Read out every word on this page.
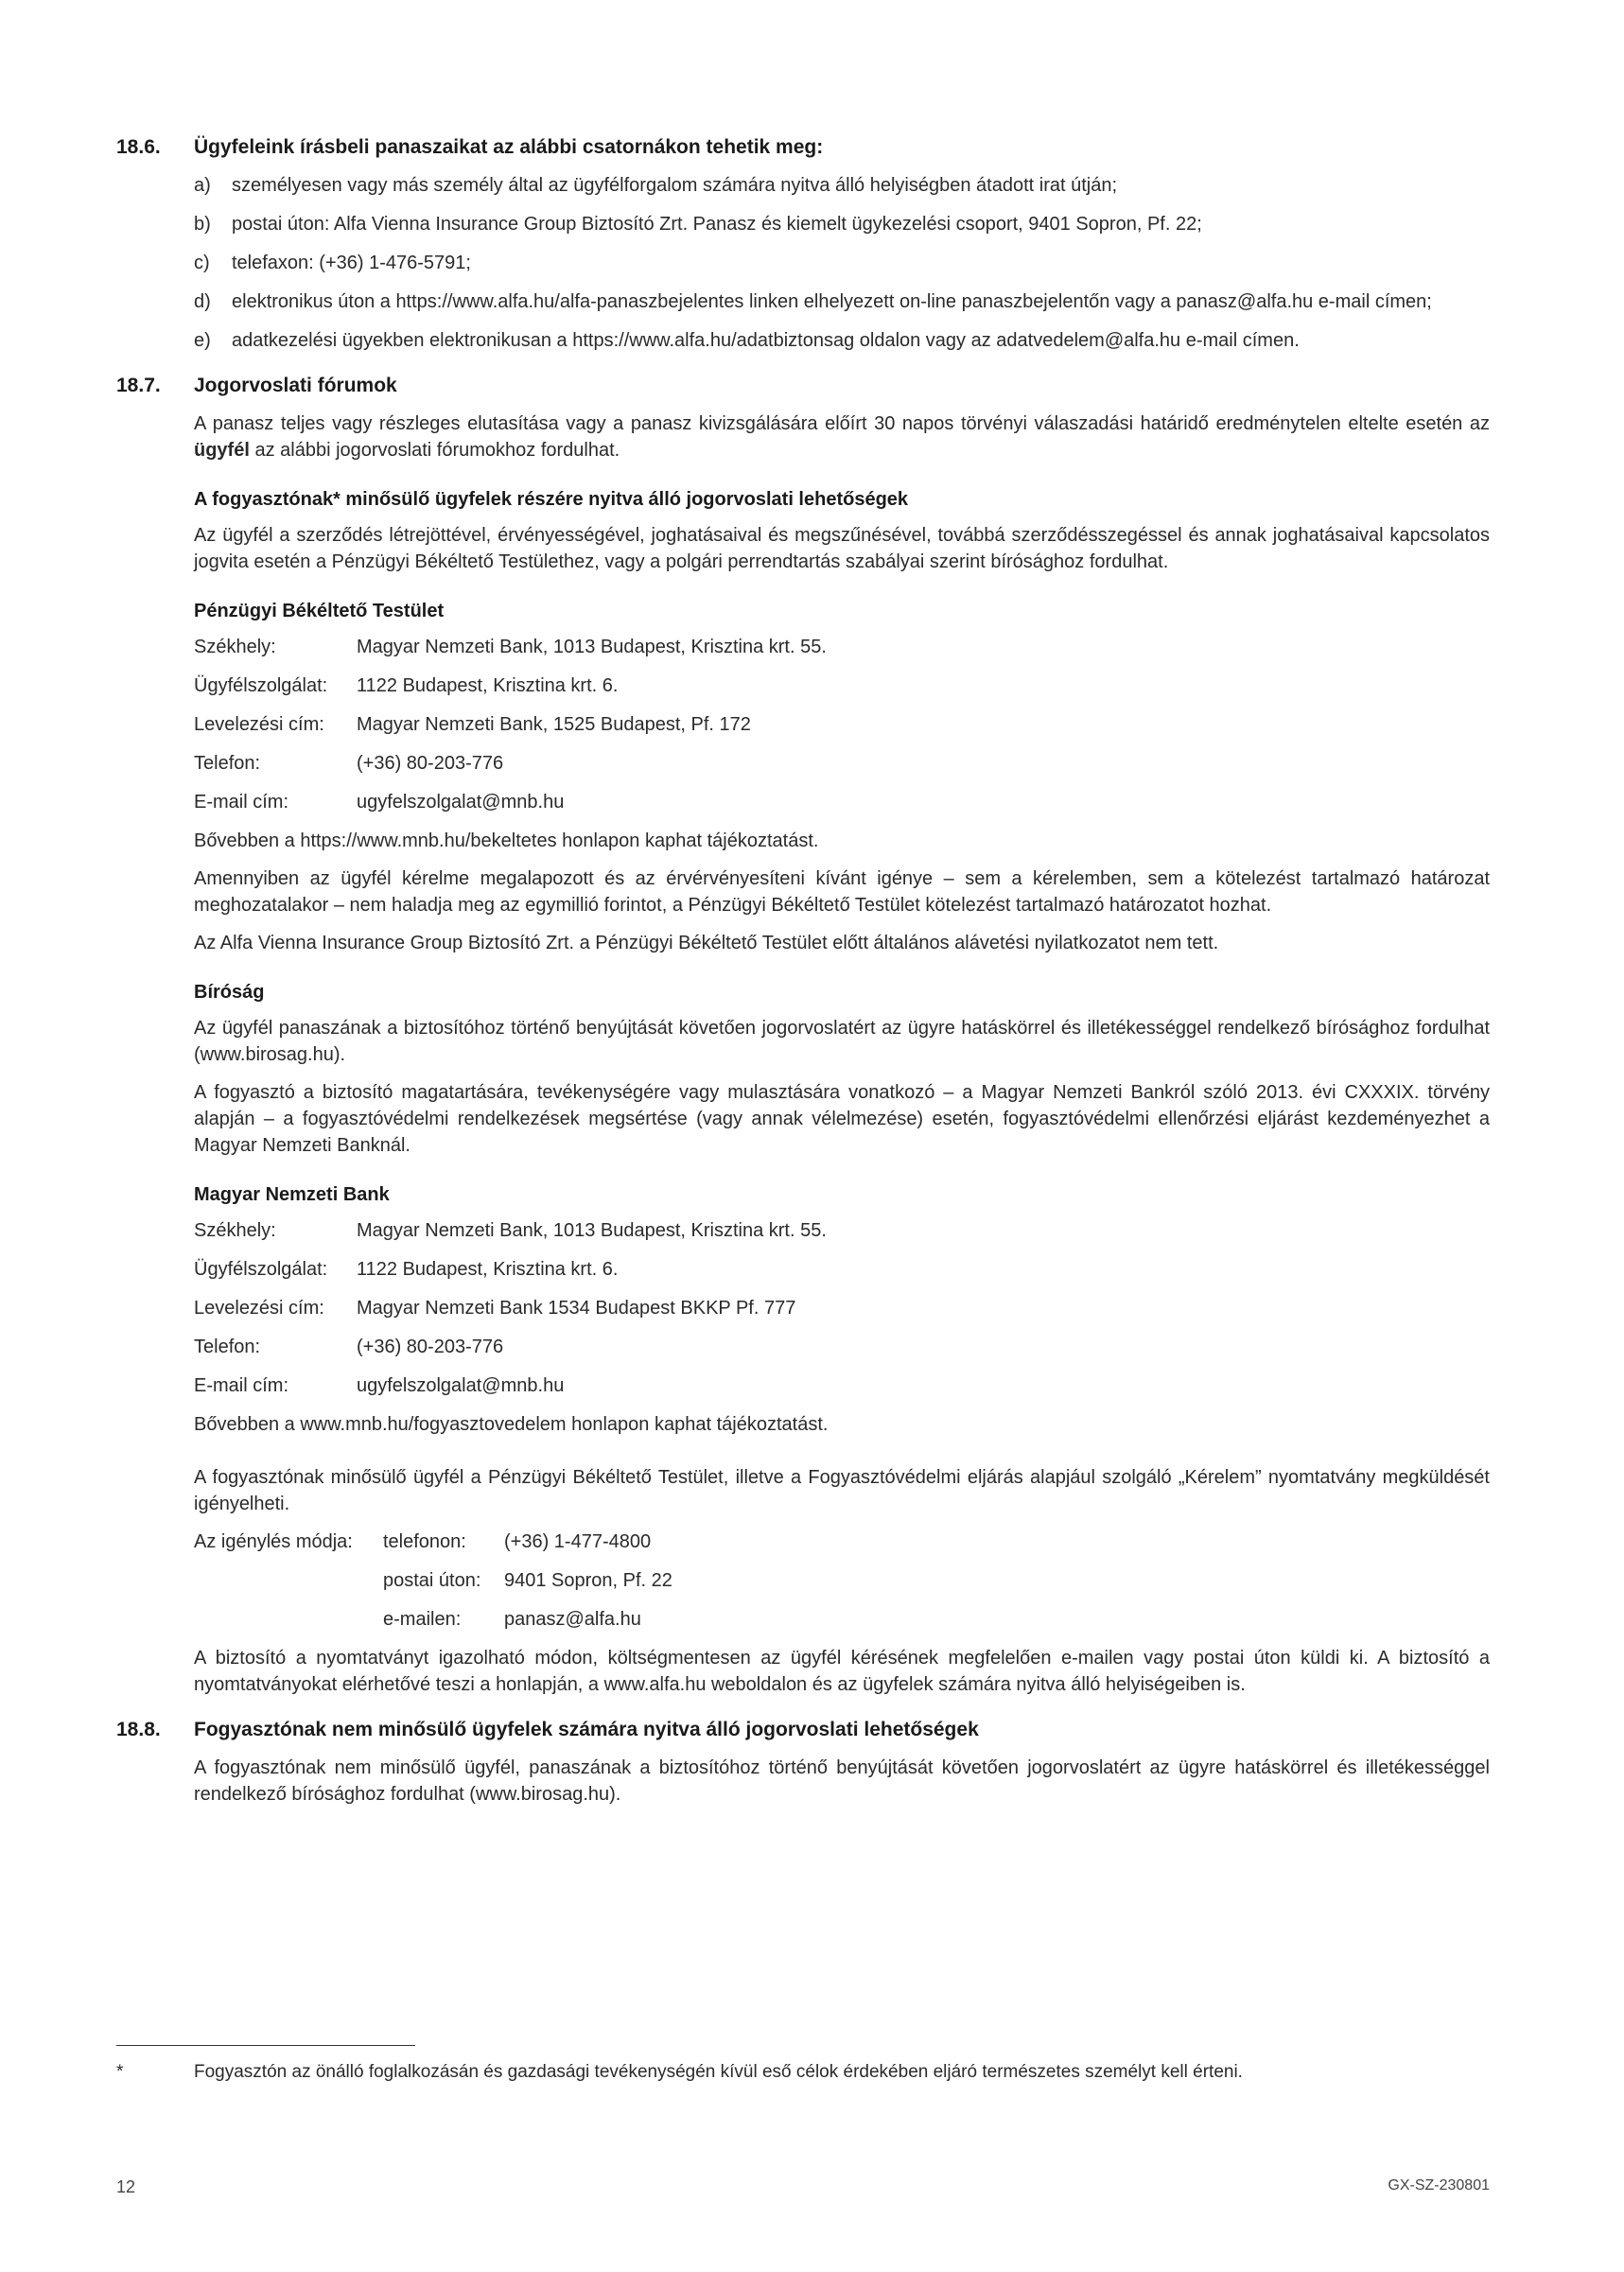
18.6.	Ügyfeleink írásbeli panaszaikat az alábbi csatornákon tehetik meg:
a)	személyesen vagy más személy által az ügyfélforgalom számára nyitva álló helyiségben átadott irat útján;
b)	postai úton: Alfa Vienna Insurance Group Biztosító Zrt. Panasz és kiemelt ügykezelési csoport, 9401 Sopron, Pf. 22;
c)	telefaxon: (+36) 1-476-5791;
d)	elektronikus úton a https://www.alfa.hu/alfa-panaszbejelentes linken elhelyezett on-line panaszbejelentőn vagy a panasz@alfa.hu e-mail címen;
e)	adatkezelési ügyekben elektronikusan a https://www.alfa.hu/adatbiztonsag oldalon vagy az adatvedelem@alfa.hu e-mail címen.
18.7.	Jogorvoslati fórumok

A panasz teljes vagy részleges elutasítása vagy a panasz kivizsgálására előírt 30 napos törvényi válaszadási határidő eredménytelen eltelte esetén az ügyfél az alábbi jogorvoslati fórumokhoz fordulhat.

A fogyasztónak* minősülő ügyfelek részére nyitva álló jogorvoslati lehetőségek

Az ügyfél a szerződés létrejöttével, érvényességével, joghatásaival és megszűnésével, továbbá szerződésszegéssel és annak joghatásaival kapcsolatos jogvita esetén a Pénzügyi Békéltető Testülethez, vagy a polgári perrendtartás szabályai szerint bírósághoz fordulhat.

Pénzügyi Békéltető Testület
Székhely:	Magyar Nemzeti Bank, 1013 Budapest, Krisztina krt. 55.
Ügyfélszolgálat:	1122 Budapest, Krisztina krt. 6.
Levelezési cím:	Magyar Nemzeti Bank, 1525 Budapest, Pf. 172
Telefon:	(+36) 80-203-776
E-mail cím:	ugyfelszolgalat@mnb.hu

Bővebben a https://www.mnb.hu/bekeltetes honlapon kaphat tájékoztatást.

Amennyiben az ügyfél kérelme megalapozott és az érvérvényesíteni kívánt igénye – sem a kérelemben, sem a kötelezést tartalmazó határozat meghozatalakor – nem haladja meg az egymillió forintot, a Pénzügyi Békéltető Testület kötelezést tartalmazó határozatot hozhat.

Az Alfa Vienna Insurance Group Biztosító Zrt. a Pénzügyi Békéltető Testület előtt általános alávetési nyilatkozatot nem tett.

Bíróság

Az ügyfél panaszának a biztosítóhoz történő benyújtását követően jogorvoslatért az ügyre hatáskörrel és illetékességgel rendelkező bírósághoz fordulhat (www.birosag.hu).

A fogyasztó a biztosító magatartására, tevékenységére vagy mulasztására vonatkozó – a Magyar Nemzeti Bankról szóló 2013. évi CXXXIX. törvény alapján – a fogyasztóvédelmi rendelkezések megsértése (vagy annak vélelmezése) esetén, fogyasztóvédelmi ellenőrzési eljárást kezdeményezhet a Magyar Nemzeti Banknál.

Magyar Nemzeti Bank
Székhely:	Magyar Nemzeti Bank, 1013 Budapest, Krisztina krt. 55.
Ügyfélszolgálat:	1122 Budapest, Krisztina krt. 6.
Levelezési cím:	Magyar Nemzeti Bank 1534 Budapest BKKP Pf. 777
Telefon:	(+36) 80-203-776
E-mail cím:	ugyfelszolgalat@mnb.hu

Bővebben a www.mnb.hu/fogyasztovedelem honlapon kaphat tájékoztatást.

A fogyasztónak minősülő ügyfél a Pénzügyi Békéltető Testület, illetve a Fogyasztóvédelmi eljárás alapjául szolgáló „Kérelem” nyomtatvány megküldését igényelheti.

Az igénylés módja:	telefonon:	(+36) 1-477-4800
postai úton:	9401 Sopron, Pf. 22
e-mailen:	panasz@alfa.hu

A biztosító a nyomtatványt igazolható módon, költségmentesen az ügyfél kérésének megfelelően e-mailen vagy postai úton küldi ki. A biztosító a nyomtatványokat elérhetővé teszi a honlapján, a www.alfa.hu weboldalon és az ügyfelek számára nyitva álló helyiségeiben is.

18.8.	Fogyasztónak nem minősülő ügyfelek számára nyitva álló jogorvoslati lehetőségek

A fogyasztónak nem minősülő ügyfél, panaszának a biztosítóhoz történő benyújtását követően jogorvoslatért az ügyre hatáskörrel és illetékességgel rendelkező bírósághoz fordulhat (www.birosag.hu).

*	Fogyasztón az önálló foglalkozásán és gazdasági tevékenységén kívül eső célok érdekében eljáró természetes személyt kell érteni.
12	GX-SZ-230801
